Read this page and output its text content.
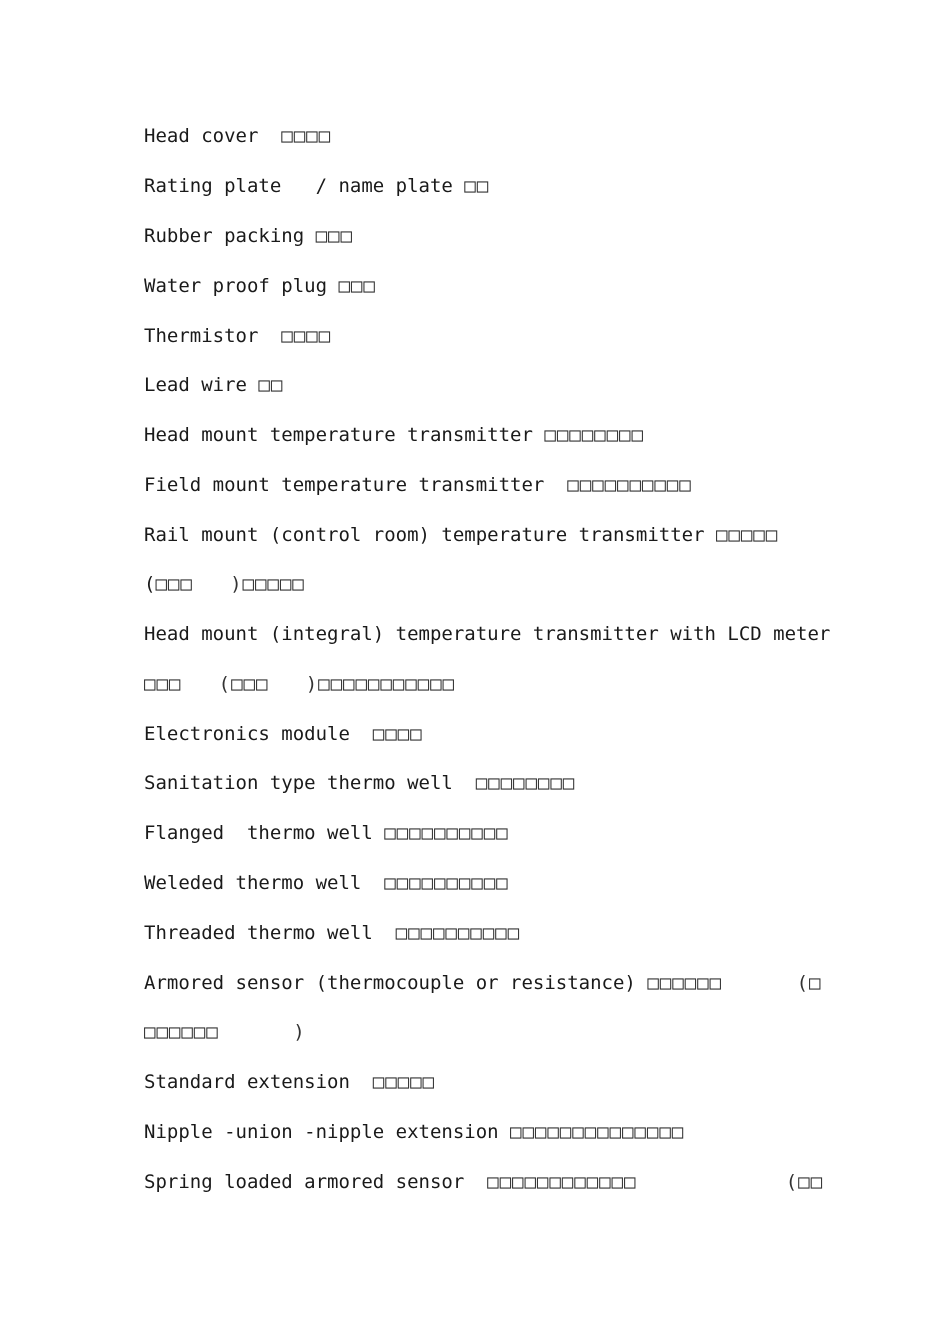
Head cover  □□□□
Rating plate   / name plate □□
Rubber packing □□□
Water proof plug □□□
Thermistor  □□□□
Lead wire □□
Head mount temperature transmitter □□□□□□□□
Field mount temperature transmitter  □□□□□□□□□□
Rail mount (control room) temperature transmitter □□□□□
(□□□   )□□□□□
Head mount (integral) temperature transmitter with LCD meter
□□□   (□□□   )□□□□□□□□□□□
Electronics module  □□□□
Sanitation type thermo well  □□□□□□□□
Flanged  thermo well □□□□□□□□□□
Weleded thermo well  □□□□□□□□□□
Threaded thermo well  □□□□□□□□□□
Armored sensor (thermocouple or resistance) □□□□□□      (□
□□□□□□      )
Standard extension  □□□□□
Nipple -union -nipple extension □□□□□□□□□□□□□□
Spring loaded armored sensor  □□□□□□□□□□□□            (□□
